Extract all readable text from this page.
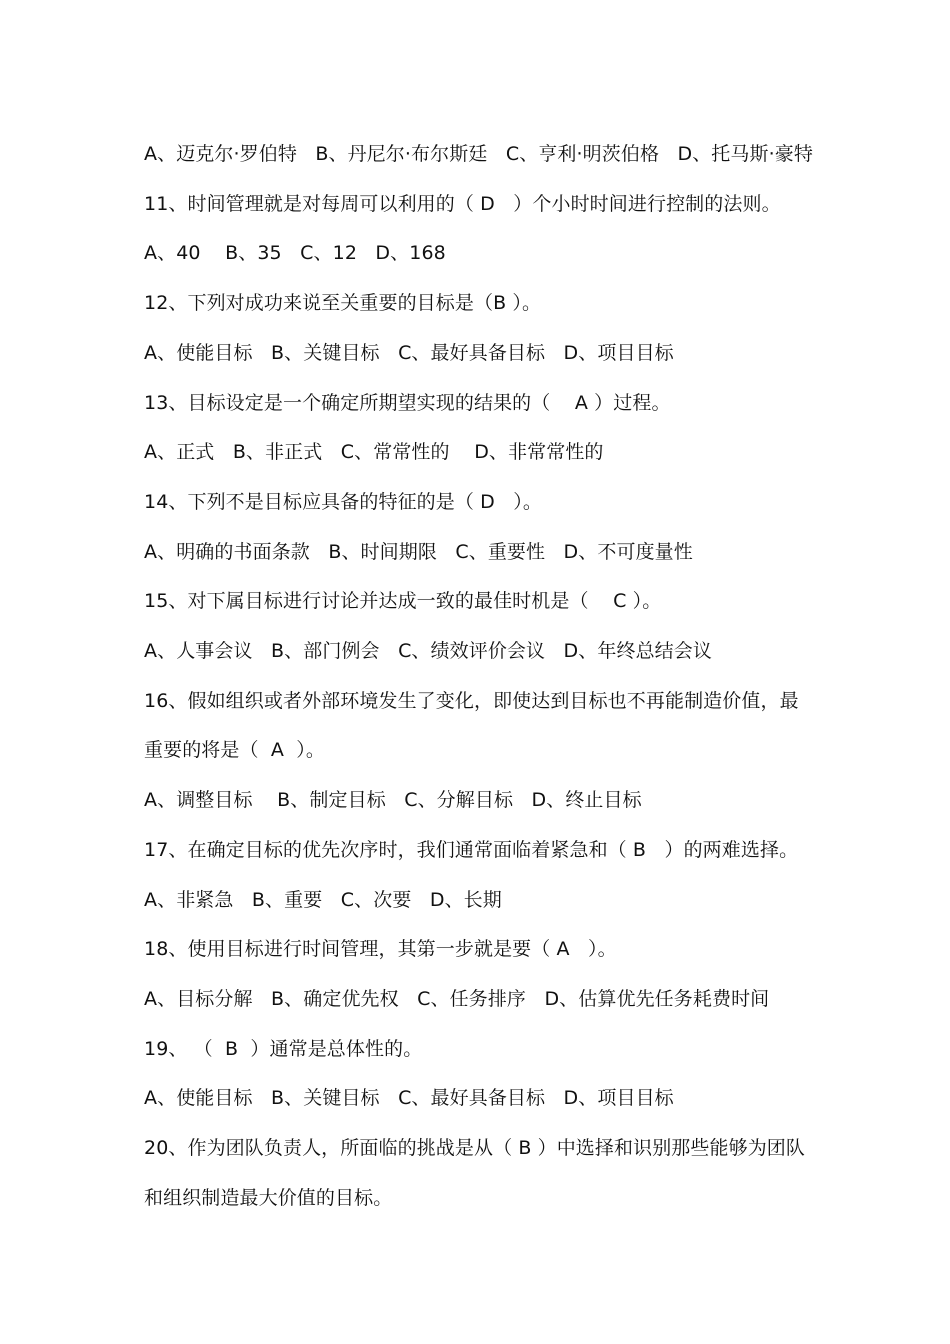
A、迈克尔·罗伯特   B、丹尼尔·布尔斯廷   C、亨利·明茨伯格   D、托马斯·豪特

11、时间管理就是对每周可以利用的（ D   ）个小时时间进行控制的法则。

A、40    B、35   C、12   D、168

12、下列对成功来说至关重要的目标是（B ）。

A、使能目标   B、关键目标   C、最好具备目标   D、项目目标

13、目标设定是一个确定所期望实现的结果的（    A ）过程。

A、正式   B、非正式   C、常常性的    D、非常常性的

14、下列不是目标应具备的特征的是（ D   ）。

A、明确的书面条款   B、时间期限   C、重要性   D、不可度量性

15、对下属目标进行讨论并达成一致的最佳时机是（    C ）。

A、人事会议   B、部门例会   C、绩效评价会议   D、年终总结会议

16、假如组织或者外部环境发生了变化，即使达到目标也不再能制造价值，最

重要的将是（  A  ）。

A、调整目标    B、制定目标   C、分解目标   D、终止目标

17、在确定目标的优先次序时，我们通常面临着紧急和（ B   ）的两难选择。

A、非紧急   B、重要   C、次要   D、长期

18、使用目标进行时间管理，其第一步就是要（ A   ）。

A、目标分解   B、确定优先权   C、任务排序   D、估算优先任务耗费时间

19、 （  B  ）通常是总体性的。

A、使能目标   B、关键目标   C、最好具备目标   D、项目目标

20、作为团队负责人，所面临的挑战是从（ B ）中选择和识别那些能够为团队

和组织制造最大价值的目标。
